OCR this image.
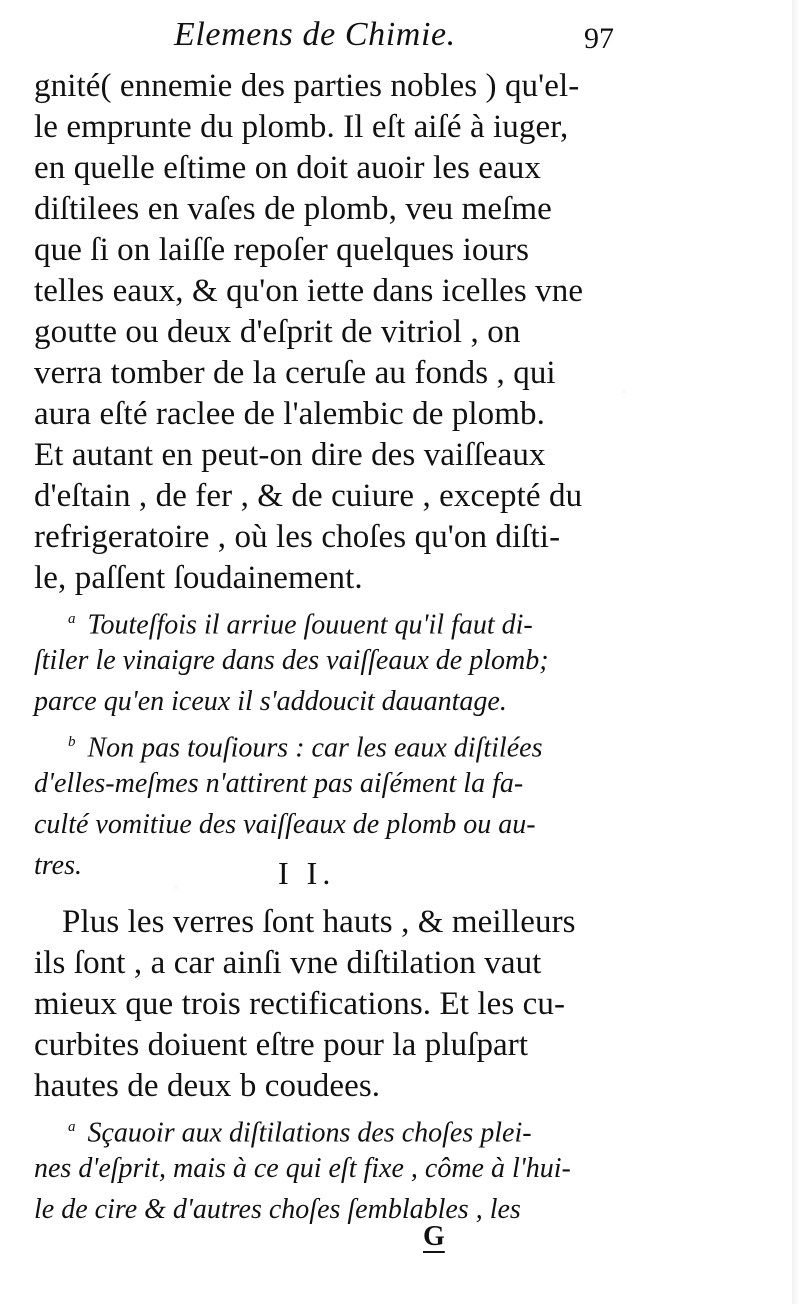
Elemens de Chimie.	97
gnité( ennemie des parties nobles ) qu'el-
le emprunte du plomb. Il eſt aiſé à iuger,
en quelle eſtime on doit auoir les eaux
diſtilees en vaſes de plomb, veu meſme
que ſi on laiſſe repoſer quelques iours
telles eaux, & qu'on iette dans icelles vne
goutte ou deux d'eſprit de vitriol , on
verra tomber de la ceruſe au fonds , qui
aura eſté raclee de l'alembic de plomb.
Et autant en peut-on dire des vaiſſeaux
d'eſtain , de fer , & de cuiure , excepté du
refrigeratoire , où les choſes qu'on diſti-
le, paſſent ſoudainement.
$^a$ Touteſfois il arriue ſouuent qu'il faut di-
ſtiler le vinaigre dans des vaiſſeaux de plomb;
parce qu'en iceux il s'addoucit dauantage.
$^b$ Non pas touſiours : car les eaux diſtilées
d'elles-meſmes n'attirent pas aiſément la fa-
culté vomitiue des vaiſſeaux de plomb ou au-
tres.	I I.
Plus les verres ſont hauts , & meilleurs
ils ſont , a car ainſi vne diſtilation vaut
mieux que trois rectifications. Et les cu-
curbites doiuent eſtre pour la pluſpart
hautes de deux b coudees.
$^a$ Sçauoir aux diſtilations des choſes plei-
nes d'eſprit, mais à ce qui eſt fixe , côme à l'hui-
le de cire & d'autres choſes ſemblables , les
G
